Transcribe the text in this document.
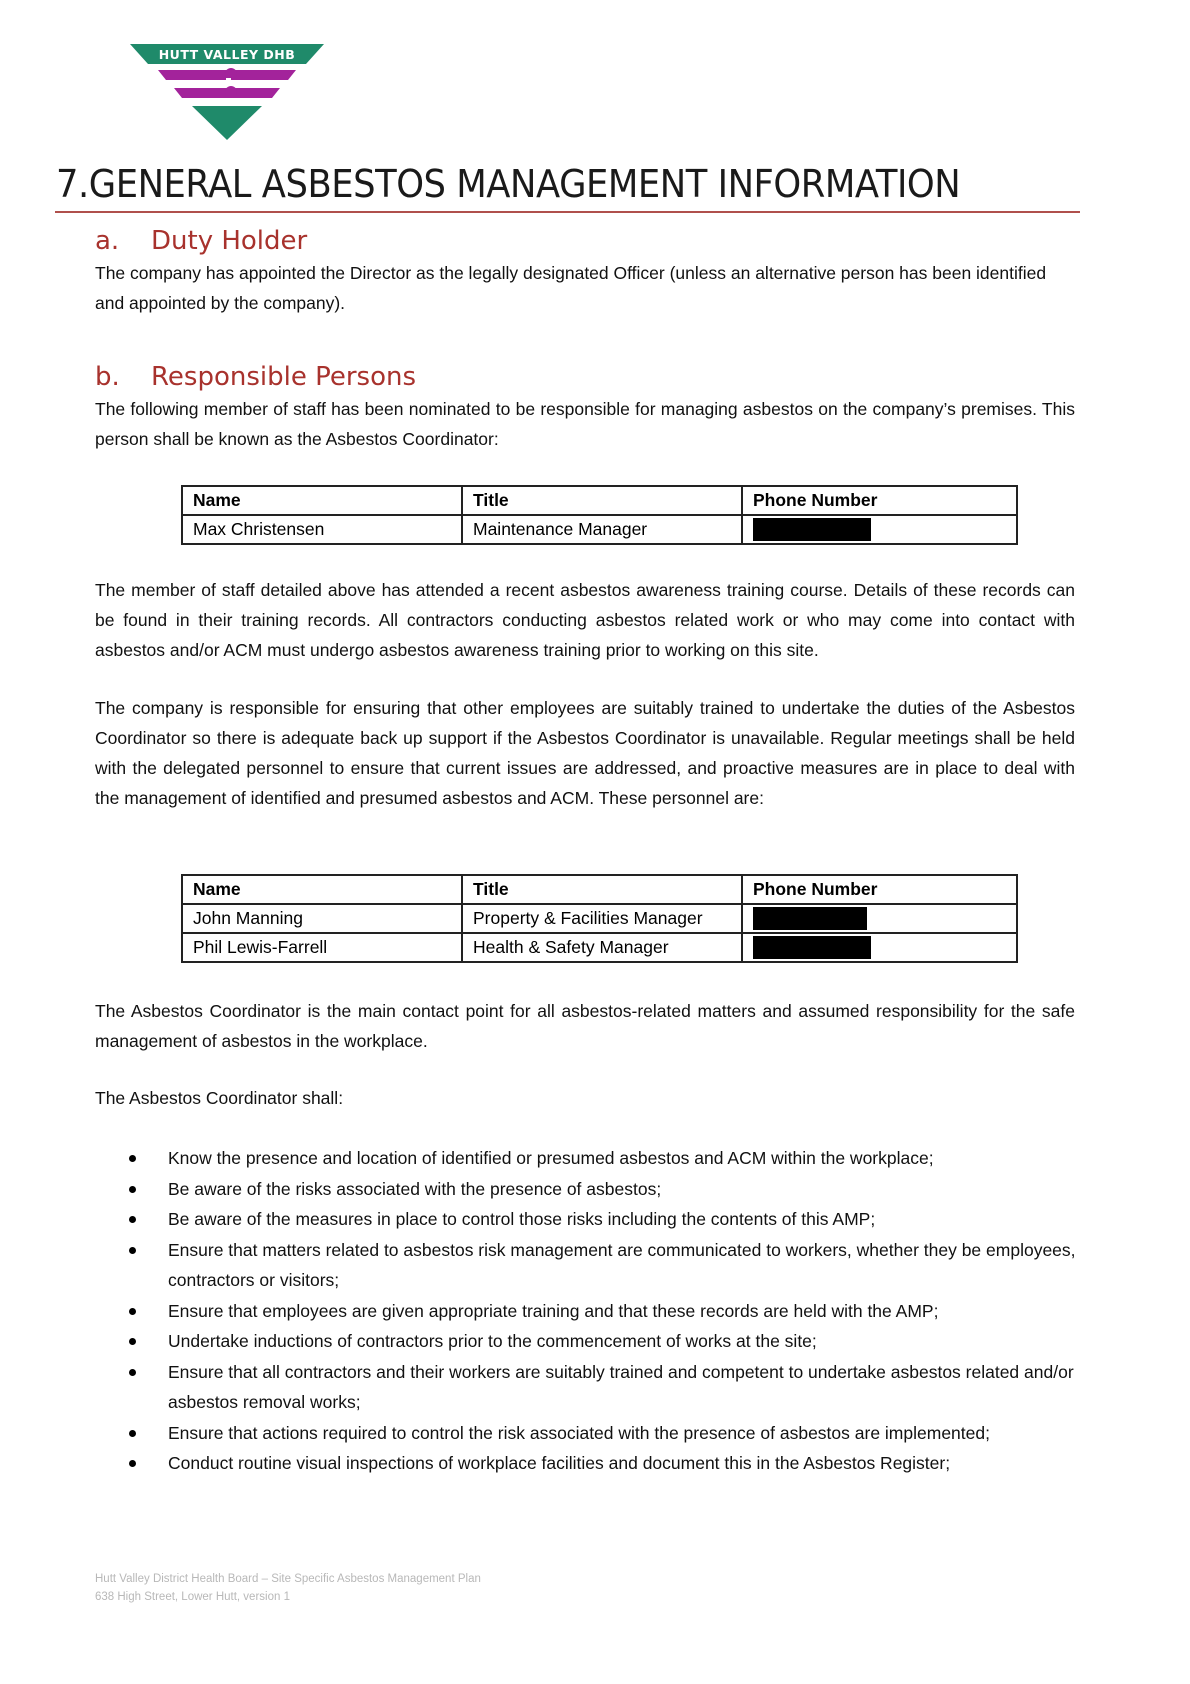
HUTT VALLEY DHB
7.GENERAL ASBESTOS MANAGEMENT INFORMATION
a. Duty Holder
The company has appointed the Director as the legally designated Officer (unless an alternative person has been identified and appointed by the company).
b. Responsible Persons
The following member of staff has been nominated to be responsible for managing asbestos on the company’s premises. This person shall be known as the Asbestos Coordinator:
Name	Title	Phone Number
Max Christensen	Maintenance Manager	
The member of staff detailed above has attended a recent asbestos awareness training course. Details of these records can be found in their training records. All contractors conducting asbestos related work or who may come into contact with asbestos and/or ACM must undergo asbestos awareness training prior to working on this site.
The company is responsible for ensuring that other employees are suitably trained to undertake the duties of the Asbestos Coordinator so there is adequate back up support if the Asbestos Coordinator is unavailable. Regular meetings shall be held with the delegated personnel to ensure that current issues are addressed, and proactive measures are in place to deal with the management of identified and presumed asbestos and ACM. These personnel are:
Name	Title	Phone Number
John Manning	Property & Facilities Manager	
Phil Lewis-Farrell	Health & Safety Manager	
The Asbestos Coordinator is the main contact point for all asbestos-related matters and assumed responsibility for the safe management of asbestos in the workplace.
The Asbestos Coordinator shall:
Know the presence and location of identified or presumed asbestos and ACM within the workplace;
Be aware of the risks associated with the presence of asbestos;
Be aware of the measures in place to control those risks including the contents of this AMP;
Ensure that matters related to asbestos risk management are communicated to workers, whether they be employees, contractors or visitors;
Ensure that employees are given appropriate training and that these records are held with the AMP;
Undertake inductions of contractors prior to the commencement of works at the site;
Ensure that all contractors and their workers are suitably trained and competent to undertake asbestos related and/or asbestos removal works;
Ensure that actions required to control the risk associated with the presence of asbestos are implemented;
Conduct routine visual inspections of workplace facilities and document this in the Asbestos Register;
Hutt Valley District Health Board – Site Specific Asbestos Management Plan
638 High Street, Lower Hutt, version 1
